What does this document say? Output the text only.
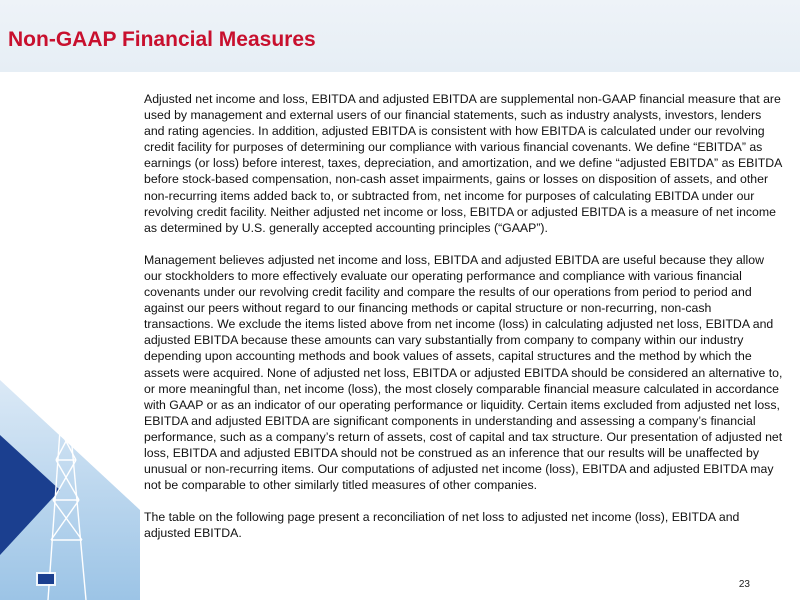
Non-GAAP Financial Measures

Adjusted net income and loss, EBITDA and adjusted EBITDA are supplemental non-GAAP financial measure that are used by management and external users of our financial statements, such as industry analysts, investors, lenders and rating agencies. In addition, adjusted EBITDA is consistent with how EBITDA is calculated under our revolving credit facility for purposes of determining our compliance with various financial covenants. We define “EBITDA” as earnings (or loss) before interest, taxes, depreciation, and amortization, and we define “adjusted EBITDA” as EBITDA before stock-based compensation, non-cash asset impairments, gains or losses on disposition of assets, and other non-recurring items added back to, or subtracted from, net income for purposes of calculating EBITDA under our revolving credit facility. Neither adjusted net income or loss, EBITDA or adjusted EBITDA is a measure of net income as determined by U.S. generally accepted accounting principles (“GAAP”).

Management believes adjusted net income and loss, EBITDA and adjusted EBITDA are useful because they allow our stockholders to more effectively evaluate our operating performance and compliance with various financial covenants under our revolving credit facility and compare the results of our operations from period to period and against our peers without regard to our financing methods or capital structure or non-recurring, non-cash transactions. We exclude the items listed above from net income (loss) in calculating adjusted net loss, EBITDA and adjusted EBITDA because these amounts can vary substantially from company to company within our industry depending upon accounting methods and book values of assets, capital structures and the method by which the assets were acquired. None of adjusted net loss, EBITDA or adjusted EBITDA should be considered an alternative to, or more meaningful than, net income (loss), the most closely comparable financial measure calculated in accordance with GAAP or as an indicator of our operating performance or liquidity. Certain items excluded from adjusted net loss, EBITDA and adjusted EBITDA are significant components in understanding and assessing a company’s financial performance, such as a company’s return of assets, cost of capital and tax structure. Our presentation of adjusted net loss, EBITDA and adjusted EBITDA should not be construed as an inference that our results will be unaffected by unusual or non-recurring items. Our computations of adjusted net income (loss), EBITDA and adjusted EBITDA may not be comparable to other similarly titled measures of other companies.

The table on the following page present a reconciliation of net loss to adjusted net income (loss), EBITDA and adjusted EBITDA.

23
